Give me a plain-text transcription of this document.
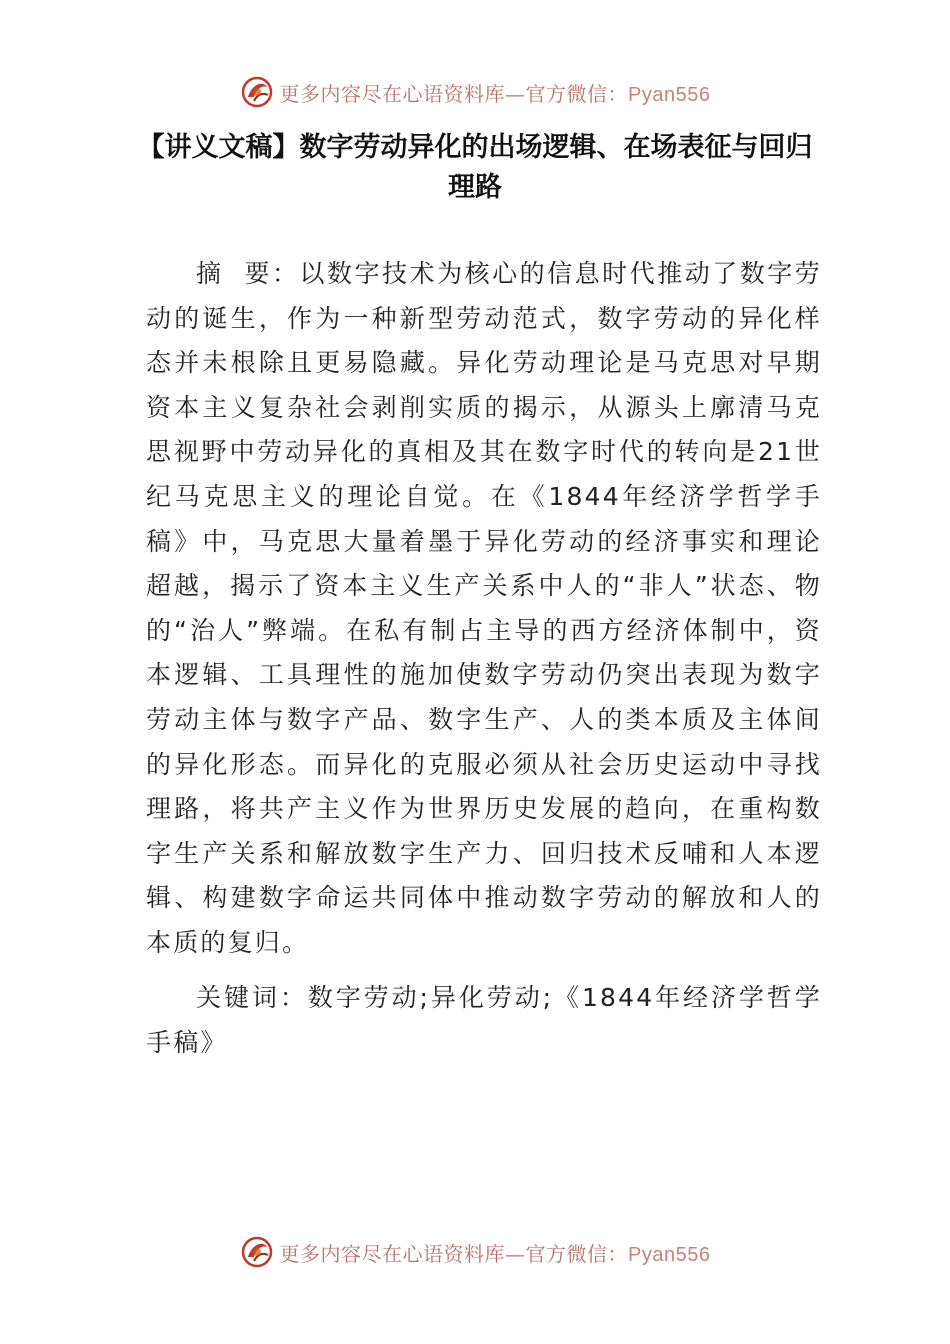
更多内容尽在心语资料库—官方微信：Pyan556
【讲义文稿】数字劳动异化的出场逻辑、在场表征与回归理路

摘  要：以数字技术为核心的信息时代推动了数字劳动的诞生，作为一种新型劳动范式，数字劳动的异化样态并未根除且更易隐藏。异化劳动理论是马克思对早期资本主义复杂社会剥削实质的揭示，从源头上廓清马克思视野中劳动异化的真相及其在数字时代的转向是21世纪马克思主义的理论自觉。在《1844年经济学哲学手稿》中，马克思大量着墨于异化劳动的经济事实和理论超越，揭示了资本主义生产关系中人的“非人”状态、物的“治人”弊端。在私有制占主导的西方经济体制中，资本逻辑、工具理性的施加使数字劳动仍突出表现为数字劳动主体与数字产品、数字生产、人的类本质及主体间的异化形态。而异化的克服必须从社会历史运动中寻找理路，将共产主义作为世界历史发展的趋向，在重构数字生产关系和解放数字生产力、回归技术反哺和人本逻辑、构建数字命运共同体中推动数字劳动的解放和人的本质的复归。

关键词：数字劳动;异化劳动;《1844年经济学哲学手稿》

更多内容尽在心语资料库—官方微信：Pyan556
